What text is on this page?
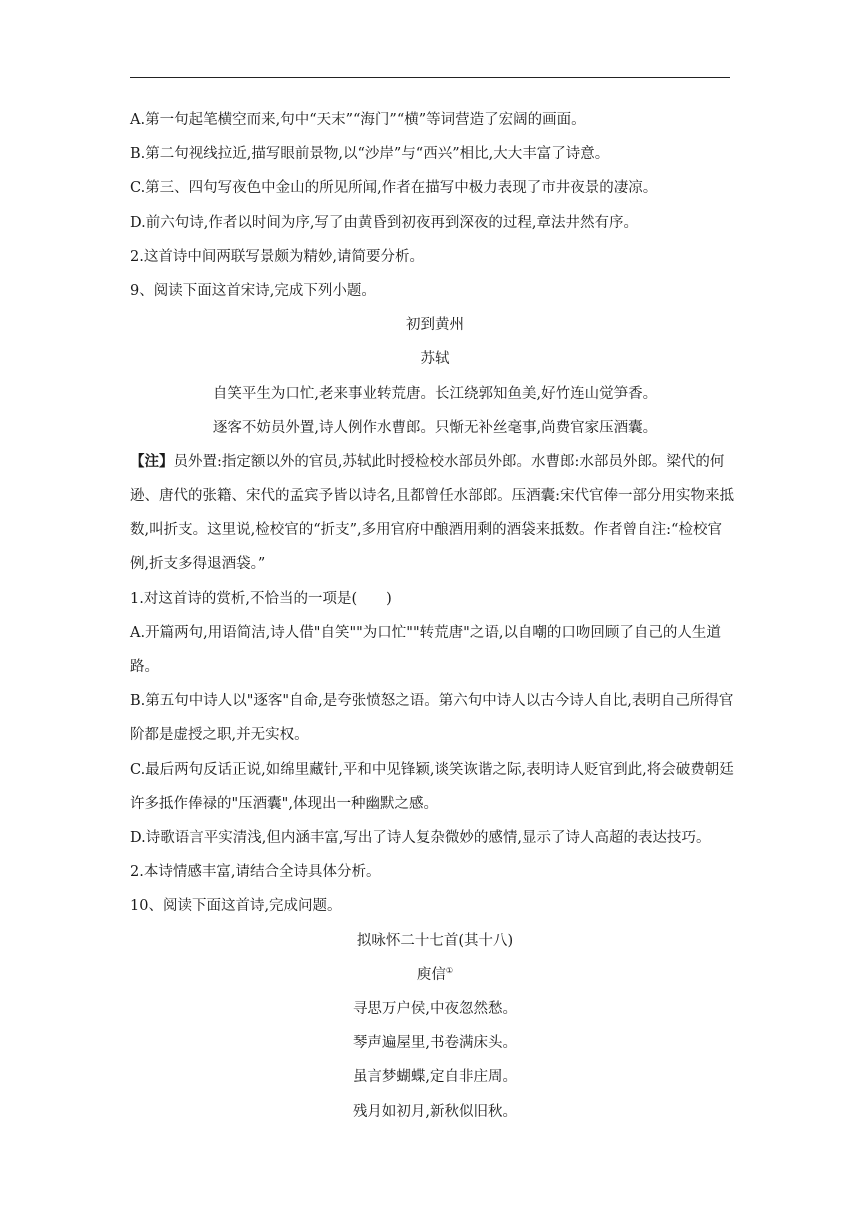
A.第一句起笔横空而来,句中“天末”“海门”“横”等词营造了宏阔的画面。
B.第二句视线拉近,描写眼前景物,以“沙岸”与“西兴”相比,大大丰富了诗意。
C.第三、四句写夜色中金山的所见所闻,作者在描写中极力表现了市井夜景的凄凉。
D.前六句诗,作者以时间为序,写了由黄昏到初夜再到深夜的过程,章法井然有序。
2.这首诗中间两联写景颇为精妙,请简要分析。
9、阅读下面这首宋诗,完成下列小题。
初到黄州
苏轼
自笑平生为口忙,老来事业转荒唐。长江绕郭知鱼美,好竹连山觉笋香。
逐客不妨员外置,诗人例作水曹郎。只惭无补丝毫事,尚费官家压酒囊。
【注】员外置:指定额以外的官员,苏轼此时授检校水部员外郎。水曹郎:水部员外郎。梁代的何逊、唐代的张籍、宋代的孟宾予皆以诗名,且都曾任水部郎。压酒囊:宋代官俸一部分用实物来抵数,叫折支。这里说,检校官的“折支”,多用官府中酿酒用剩的酒袋来抵数。作者曾自注:“检校官例,折支多得退酒袋。”
1.对这首诗的赏析,不恰当的一项是(　　)
A.开篇两句,用语简洁,诗人借"自笑""为口忙""转荒唐"之语,以自嘲的口吻回顾了自己的人生道路。
B.第五句中诗人以"逐客"自命,是夸张愤怒之语。第六句中诗人以古今诗人自比,表明自己所得官阶都是虚授之职,并无实权。
C.最后两句反话正说,如绵里藏针,平和中见锋颖,谈笑诙谐之际,表明诗人贬官到此,将会破费朝廷许多抵作俸禄的"压酒囊",体现出一种幽默之感。
D.诗歌语言平实清浅,但内涵丰富,写出了诗人复杂微妙的感情,显示了诗人高超的表达技巧。
2.本诗情感丰富,请结合全诗具体分析。
10、阅读下面这首诗,完成问题。
拟咏怀二十七首(其十八)
庾信①
寻思万户侯,中夜忽然愁。
琴声遍屋里,书卷满床头。
虽言梦蝴蝶,定自非庄周。
残月如初月,新秋似旧秋。
